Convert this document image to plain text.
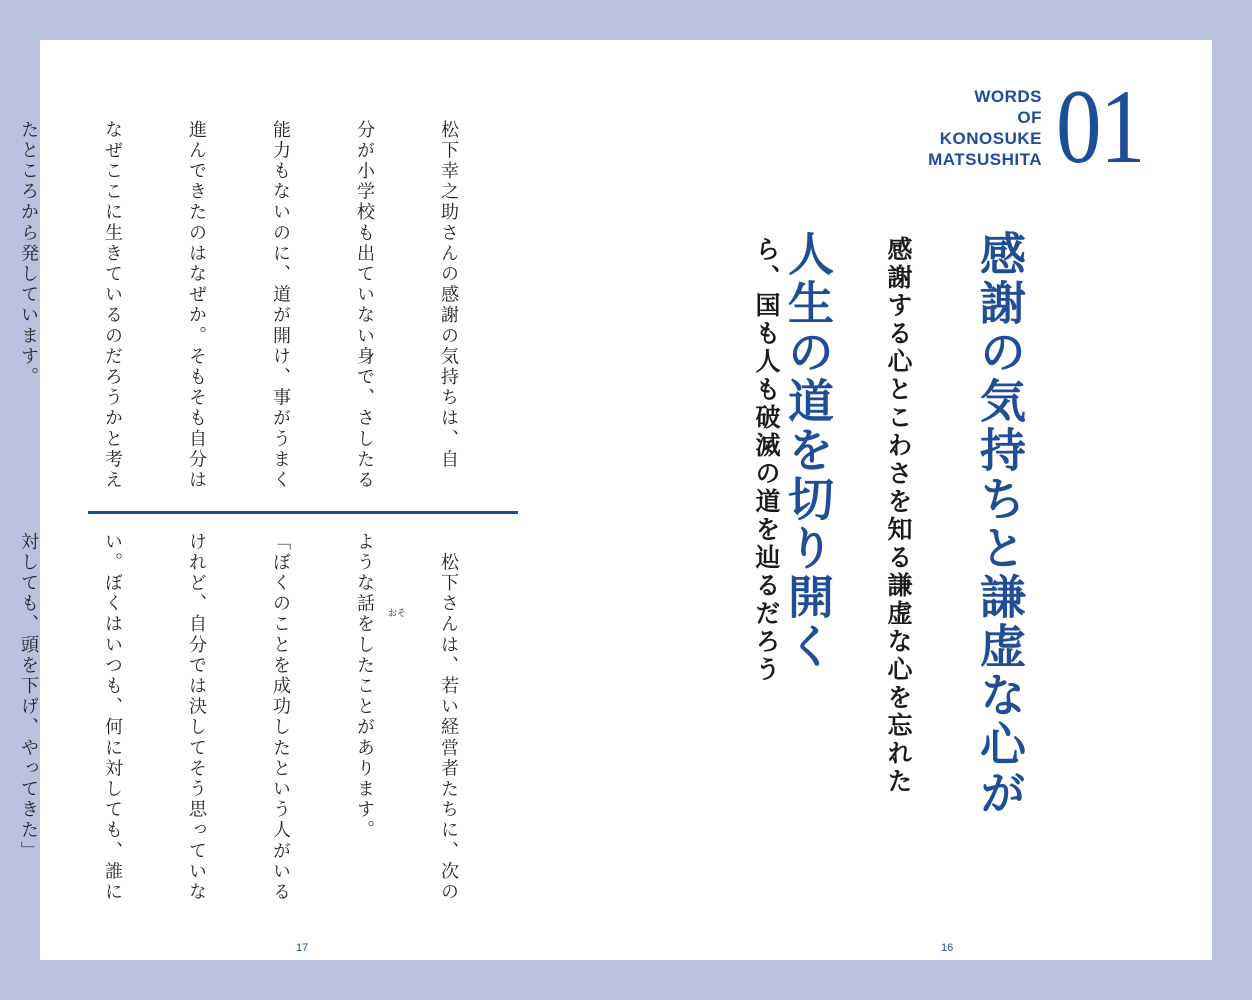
松下幸之助さんの感謝の気持ちは、自

分が小学校も出ていない身で、さしたる

能力もないのに、道が開け、事がうまく

進んできたのはなぜか。そもそも自分は

なぜここに生きているのだろうかと考え

たところから発しています。

　松下さんは、若い経営者たちに、次の

ような話をしたことがあります。

「ぼくのことを成功したという人がいる

けれど、自分では決してそう思っていな

い。ぼくはいつも、何に対しても、誰に

対しても、頭を下げ、やってきた」

	おそ
17
WORDS
OF
KONOSUKE
MATSUSHITA 01

感謝の気持ちと謙虚な心が

人生の道を切り開く

	感謝する心とこわさを知る謙虚な心を忘れた

ら、国も人も破滅の道を辿るだろう

16
